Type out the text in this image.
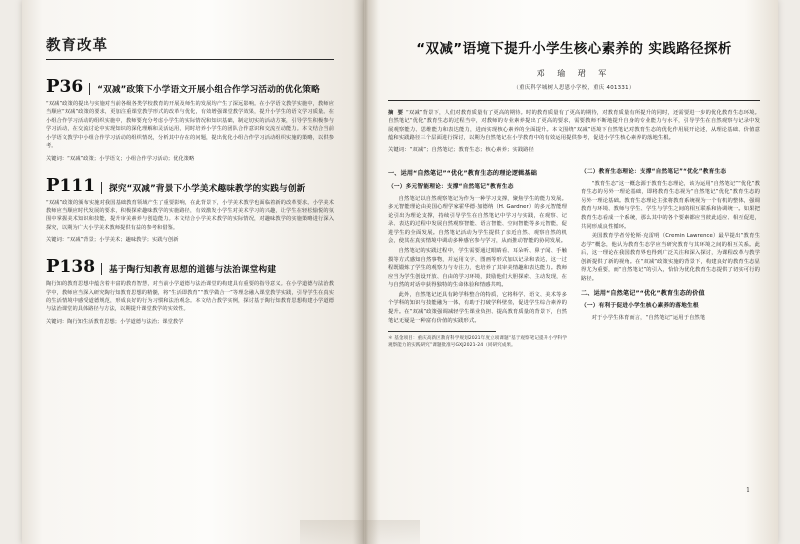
教育改革
P36 “双减”政策下小学语文开展小组合作学习活动的优化策略
“双减”政策的提出与实施对当前各级各类学校教育的开展及师生的发展均产生了深远影响。在小学语文教学实施中，教师应当顺应“双减”政策的要求，更加注重课堂教学形式的改革与优化，有效增强课堂教学效果，提升小学生的语文学习质量。在小组合作学习活动的组织实施中，教师要充分考虑小学生的实际情况和知识基础，制定切实的活动方案，引导学生积极参与学习活动，在交流讨论中实现知识的深化理解和灵活运用，同时培养小学生的团队合作意识和交流互动能力。本文结合当前小学语文教学中小组合作学习活动的组织情况，分析其中存在的问题，提出优化小组合作学习活动组织实施的策略，以供参考。
关键词：“双减”政策；小学语文；小组合作学习活动；优化策略
P111 探究“双减”背景下小学美术趣味教学的实践与创新
“双减”政策的颁布实施对我国基础教育领域产生了重要影响，在此背景下，小学美术教学也面临着新的改革要求。小学美术教师应当顺应时代发展的要求，积极探索趣味教学的实施路径，有效激发小学生对美术学习的兴趣，让学生在轻松愉悦的氛围中掌握美术知识和技能，提升审美素养与创造能力。本文结合小学美术教学的实际情况，对趣味教学的实施策略进行深入探究，以期为广大小学美术教师提供有益的参考和借鉴。
关键词：“双减”背景；小学美术；趣味教学；实践与创新
P138 基于陶行知教育思想的道德与法治课堂构建
陶行知的教育思想中蕴含着丰富的教育智慧，对当前小学道德与法治课堂的构建具有重要的指导意义。在小学道德与法治教学中，教师应当深入研究陶行知教育思想的精髓，将“生活即教育”“教学做合一”等理念融入课堂教学实践，引导学生在真实的生活情境中感受道德规范，形成良好的行为习惯和法治观念。本文结合教学实例，探讨基于陶行知教育思想构建小学道德与法治课堂的具体路径与方法，以期提升课堂教学的实效性。
关键词：陶行知生活教育思想；小学道德与法治；课堂教学
“双减”语境下提升小学生核心素养的 实践路径探析
邓 瑜 珺 军
（重庆科学城树人思恩小学校，重庆 401331）
摘 要 “双减”背景下，人们对教育质量有了更高的期待。时的教育质量有了更高的期待，对教育质量有所提升的同时，还需要进一步的优化教育生态环境。自然笔记“优化”教育生态的过程当中，对教师的专业素养提出了更高的要求，需要教师不断地提升自身的专业能力与水平，引导学生在自然观察与记录中发展观察能力、思维能力和表达能力，进而实现核心素养的全面提升。本文围绕“双减”语境下自然笔记对教育生态的优化作用展开论述，从理论基础、价值意蕴和实践路径三个层面进行探讨，以期为自然笔记在小学教育中的有效运用提供参考，促进小学生核心素养的落地生根。
关键词：“双减”；自然笔记；教育生态；核心素养；实践路径
一、运用“自然笔记”“优化”教育生态的理论逻辑基础
（一）多元智能理论：支撑“自然笔记”教育生态

自然笔记以自然观察笔记为作为一种学习支撑，聚焦学生的能力发展。多元智能理论由美国心理学家霍华德·加德纳（H. Gardner）的多元智能理论引出为理论支撑，持续引导学生在自然笔记中学习与实践，在观察、记录、表达的过程中发展自然观察智能、语言智能、空间智能等多元智能，促进学生的全面发展。自然笔记活动为学生提供了亲近自然、观察自然的机会，使其在真实情境中调动多种感官参与学习，从而推动智能的协同发展。

自然笔记的实践过程中，学生需要通过眼睛看、耳朵听、鼻子闻、手触摸等方式感知自然事物，并运用文字、图画等形式加以记录和表达，这一过程既锻炼了学生的观察力与专注力，也培养了其审美情趣和表达能力。教师应当为学生创设开放、自由的学习环境，鼓励他们大胆探索、主动发现，在与自然的对话中获得独特的生命体验和情感共鸣。

此外，自然笔记还具有跨学科整合的特质，它将科学、语文、美术等多个学科的知识与技能融为一体，有助于打破学科壁垒，促进学生综合素养的提升。在“双减”政策强调减轻学生课业负担、提高教育质量的背景下，自然笔记无疑是一种富有价值的实践形式。

＊ 基金项目：重庆高新区教育科学规划2021年度立项课题“基于观察笔记提升小学科学观察能力的实践研究”课题批准号GXJ2021-24（同研究成果。
（二）教育生态理论：支撑“自然笔记”“优化”教育生态

“教育生态”这一概念源于教育生态理论，该为运用“自然笔记”“优化”教育生态的另外一理论基础，即将教育生态视为“自然笔记”优化”教育生态的另外一理论基础。教育生态理论主张将教育系统视为一个有机的整体，强调教育与环境、教师与学生、学生与学生之间的相互联系和协调统一。如果把教育生态看成一个系统，那么其中的各个要素都应当彼此适应、相互促进，共同形成良性循环。

美国教育学者劳伦斯·克雷明（Cremin Lawrence）最早提出“教育生态学”概念，他认为教育生态学应当研究教育与其环境之间的相互关系。此后，这一理论在我国教育界也得到广泛关注和深入探讨，为课程改革与教学创新提供了新的视角。在“双减”政策实施的背景下，构建良好的教育生态显得尤为重要，而“自然笔记”的引入，恰恰为优化教育生态提供了切实可行的路径。

二、运用“自然笔记”“优化”教育生态的价值
（一）有利于促进小学生核心素养的落地生根

对于小学生体育而言，“自然笔记”运用于自然笔

1
